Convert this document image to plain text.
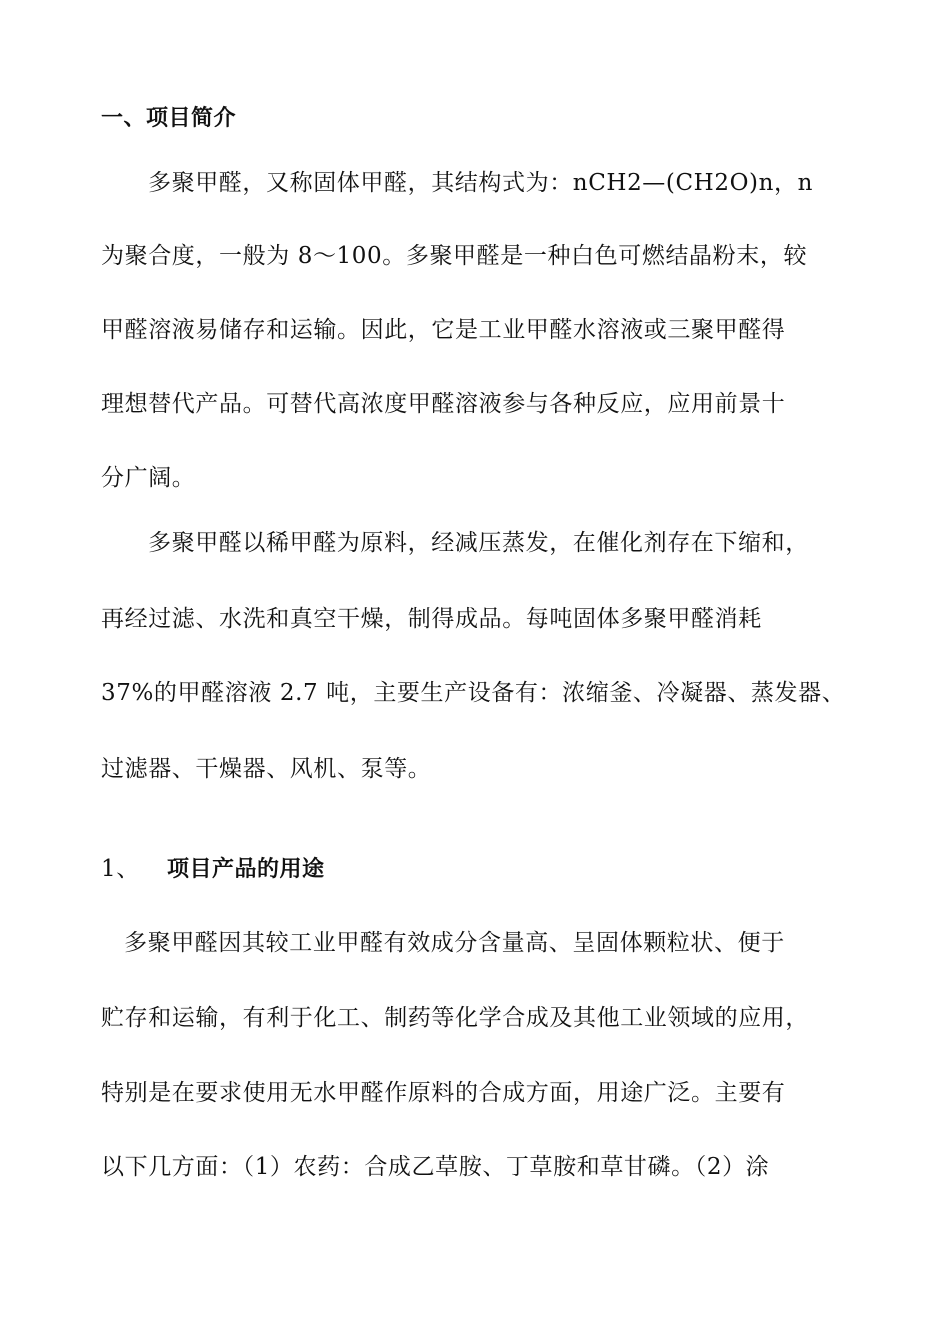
一、项目简介
多聚甲醛，又称固体甲醛，其结构式为：nCH2—(CH2O)n，n
为聚合度，一般为 8～100。多聚甲醛是一种白色可燃结晶粉末，较
甲醛溶液易储存和运输。因此，它是工业甲醛水溶液或三聚甲醛得
理想替代产品。可替代高浓度甲醛溶液参与各种反应，应用前景十
分广阔。
多聚甲醛以稀甲醛为原料，经减压蒸发，在催化剂存在下缩和，
再经过滤、水洗和真空干燥，制得成品。每吨固体多聚甲醛消耗
37%的甲醛溶液 2.7 吨，主要生产设备有：浓缩釜、冷凝器、蒸发器、
过滤器、干燥器、风机、泵等。
1、 项目产品的用途
多聚甲醛因其较工业甲醛有效成分含量高、呈固体颗粒状、便于
贮存和运输，有利于化工、制药等化学合成及其他工业领域的应用，
特别是在要求使用无水甲醛作原料的合成方面，用途广泛。主要有
以下几方面：（1）农药：合成乙草胺、丁草胺和草甘磷。（2）涂
